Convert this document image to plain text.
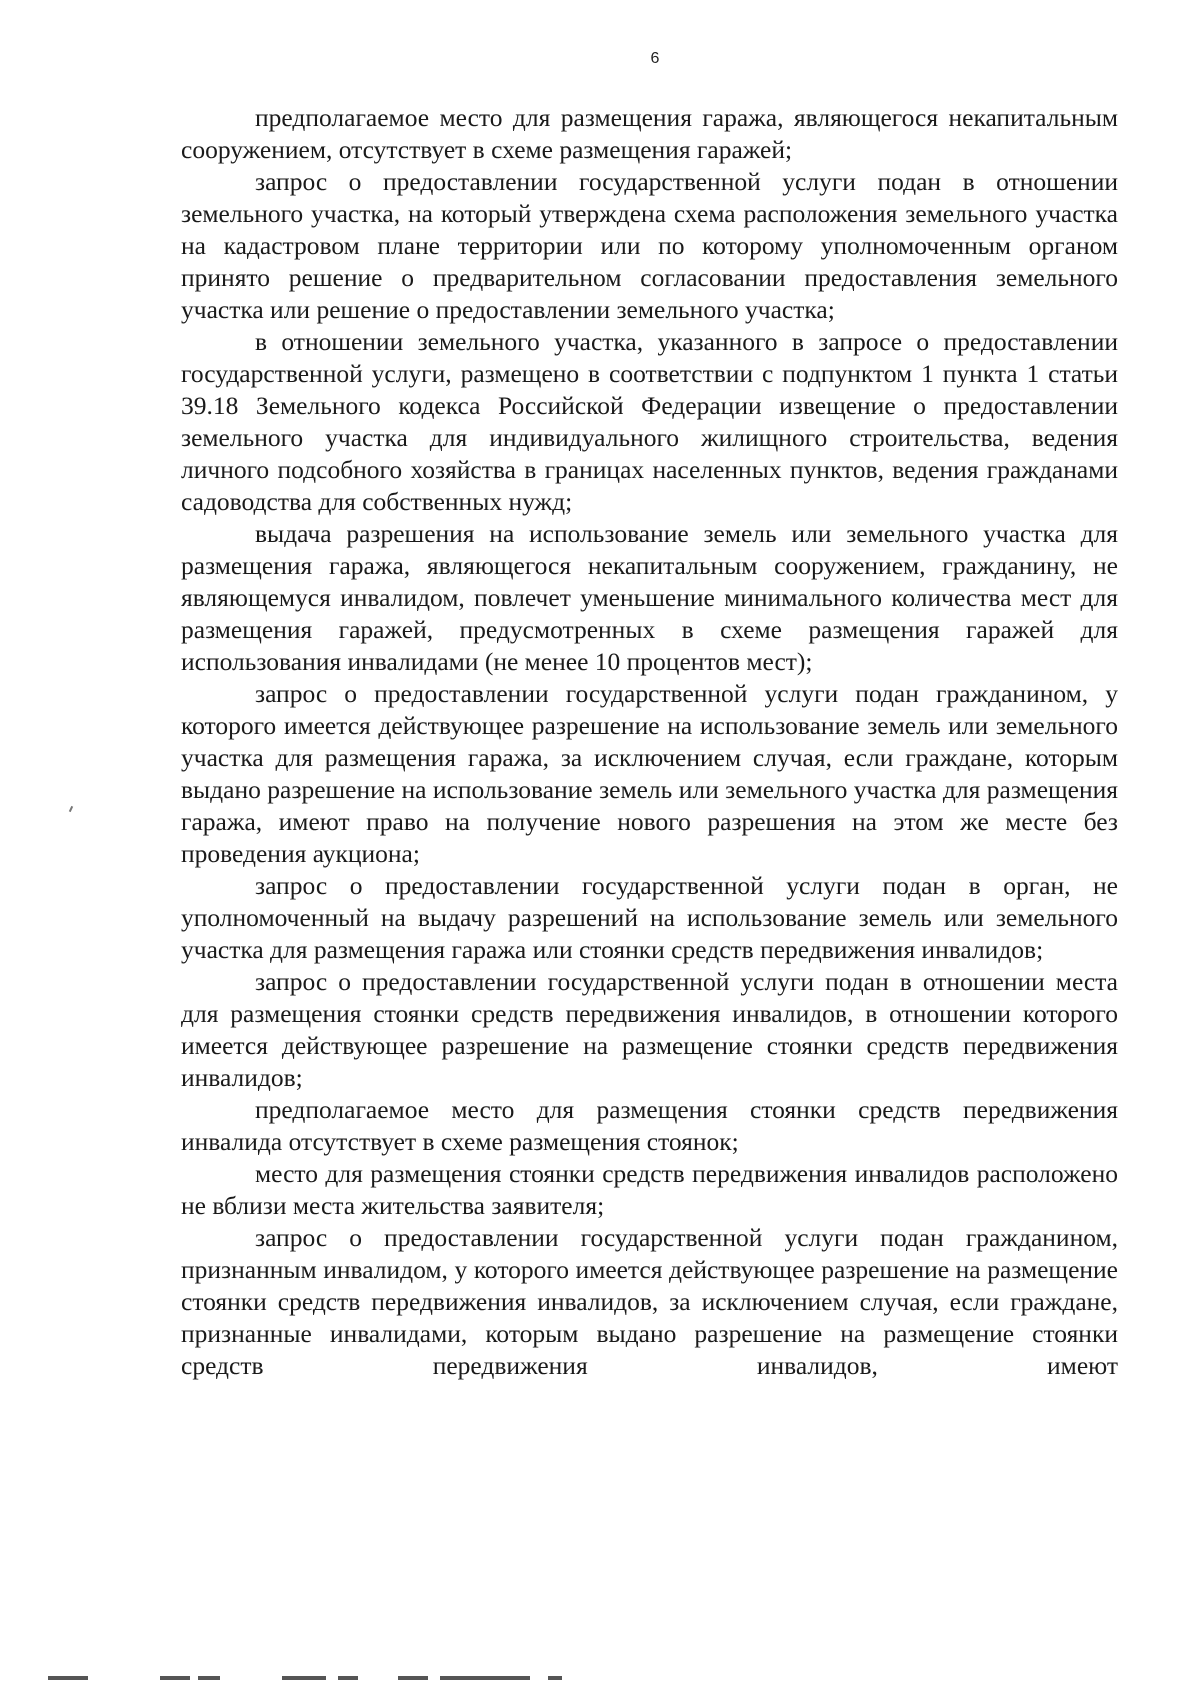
6

предполагаемое место для размещения гаража, являющегося некапитальным сооружением, отсутствует в схеме размещения гаражей;

запрос о предоставлении государственной услуги подан в отношении земельного участка, на который утверждена схема расположения земельного участка на кадастровом плане территории или по которому уполномоченным органом принято решение о предварительном согласовании предоставления земельного участка или решение о предоставлении земельного участка;

в отношении земельного участка, указанного в запросе о предоставлении государственной услуги, размещено в соответствии с подпунктом 1 пункта 1 статьи 39.18 Земельного кодекса Российской Федерации извещение о предоставлении земельного участка для индивидуального жилищного строительства, ведения личного подсобного хозяйства в границах населенных пунктов, ведения гражданами садоводства для собственных нужд;

выдача разрешения на использование земель или земельного участка для размещения гаража, являющегося некапитальным сооружением, гражданину, не являющемуся инвалидом, повлечет уменьшение минимального количества мест для размещения гаражей, предусмотренных в схеме размещения гаражей для использования инвалидами (не менее 10 процентов мест);

запрос о предоставлении государственной услуги подан гражданином, у которого имеется действующее разрешение на использование земель или земельного участка для размещения гаража, за исключением случая, если граждане, которым выдано разрешение на использование земель или земельного участка для размещения гаража, имеют право на получение нового разрешения на этом же месте без проведения аукциона;

запрос о предоставлении государственной услуги подан в орган, не уполномоченный на выдачу разрешений на использование земель или земельного участка для размещения гаража или стоянки средств передвижения инвалидов;

запрос о предоставлении государственной услуги подан в отношении места для размещения стоянки средств передвижения инвалидов, в отношении которого имеется действующее разрешение на размещение стоянки средств передвижения инвалидов;

предполагаемое место для размещения стоянки средств передвижения инвалида отсутствует в схеме размещения стоянок;

место для размещения стоянки средств передвижения инвалидов расположено не вблизи места жительства заявителя;

запрос о предоставлении государственной услуги подан гражданином, признанным инвалидом, у которого имеется действующее разрешение на размещение стоянки средств передвижения инвалидов, за исключением случая, если граждане, признанные инвалидами, которым выдано разрешение на размещение стоянки средств передвижения инвалидов, имеют
